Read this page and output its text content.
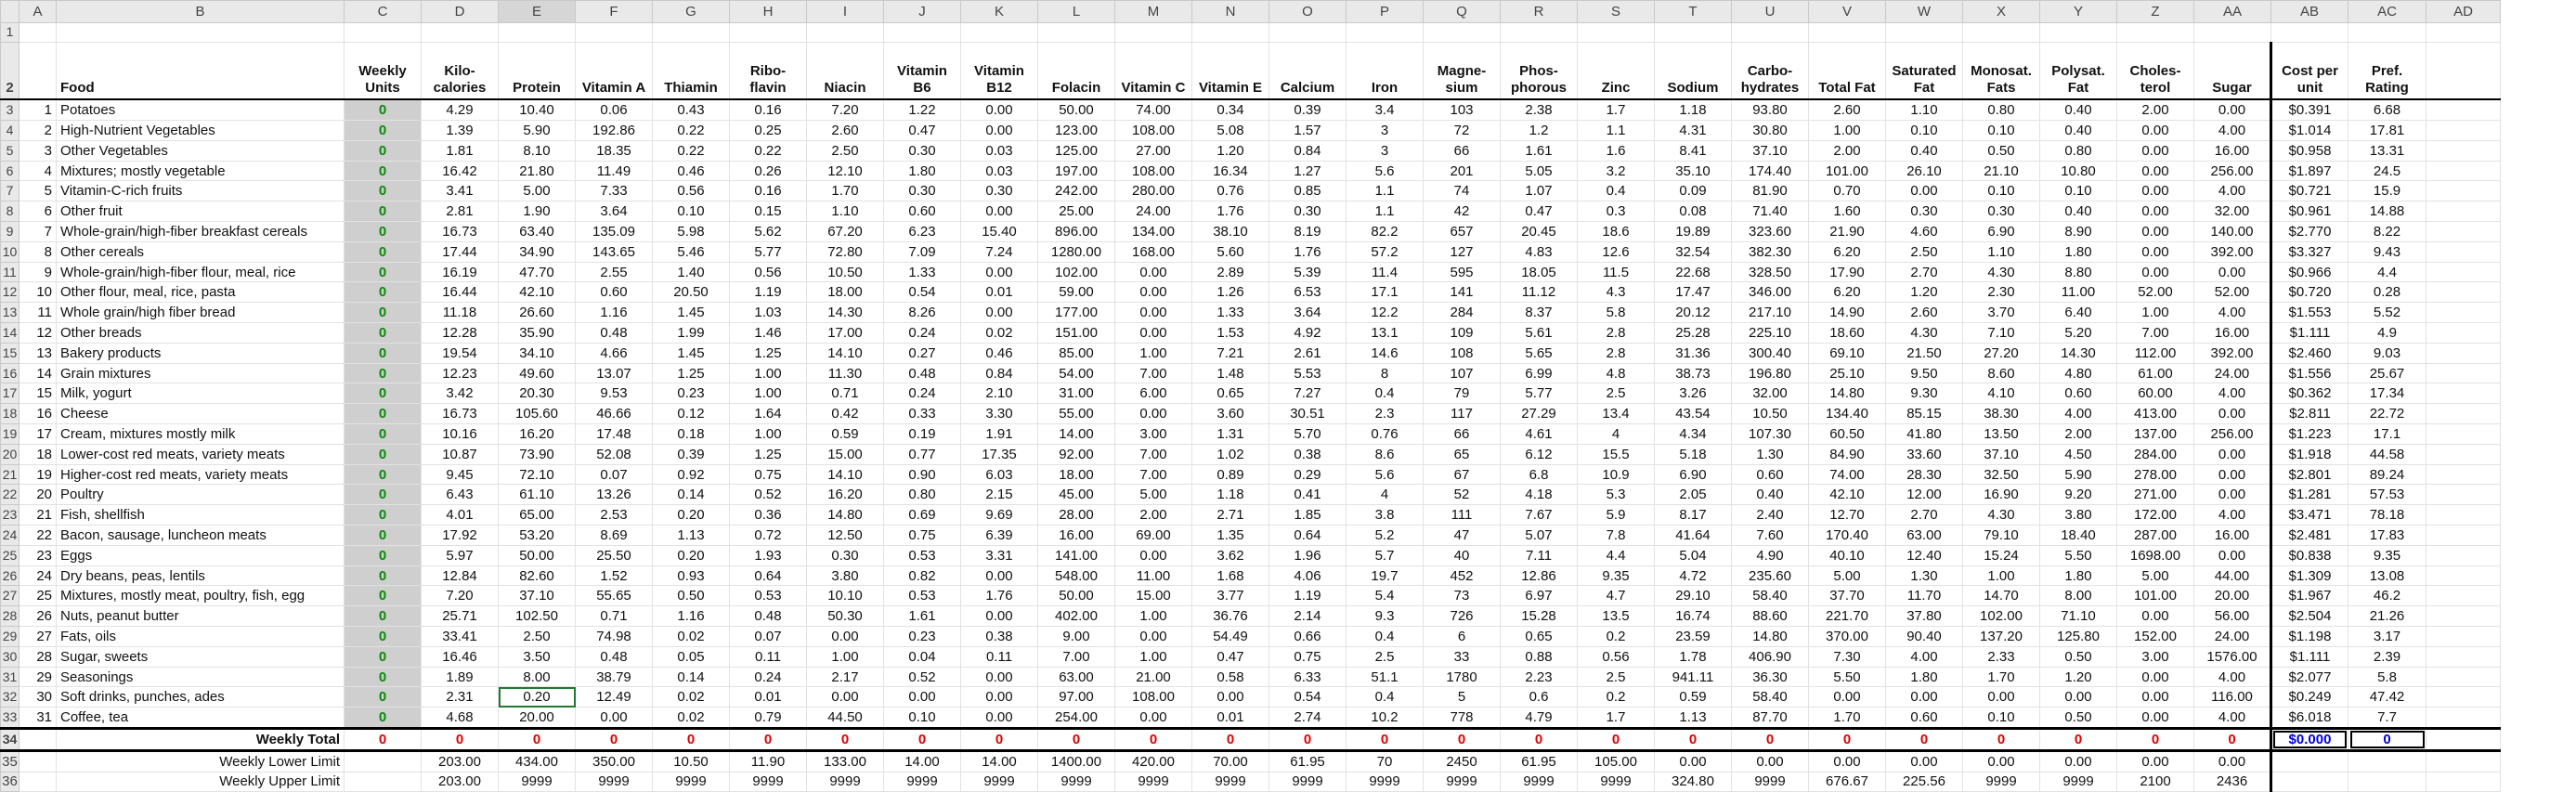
	A	B	C	D	E	F	G	H	I	J	K	L	M	N	O	P	Q	R	S	T	U	V	W	X	Y	Z	AA	AB	AC	AD
1																														
2		Food	Weekly Units	Kilo-calories	Protein	Vitamin A	Thiamin	Ribo-flavin	Niacin	Vitamin B6	Vitamin B12	Folacin	Vitamin C	Vitamin E	Calcium	Iron	Magne-sium	Phos-phorous	Zinc	Sodium	Carbo-hydrates	Total Fat	Saturated Fat	Monosat. Fats	Polysat. Fat	Choles-terol	Sugar	Cost per unit	Pref. Rating	
3	1	Potatoes	0	4.29	10.40	0.06	0.43	0.16	7.20	1.22	0.00	50.00	74.00	0.34	0.39	3.4	103	2.38	1.7	1.18	93.80	2.60	1.10	0.80	0.40	2.00	0.00	$0.391	6.68	
4	2	High-Nutrient Vegetables	0	1.39	5.90	192.86	0.22	0.25	2.60	0.47	0.00	123.00	108.00	5.08	1.57	3	72	1.2	1.1	4.31	30.80	1.00	0.10	0.10	0.40	0.00	4.00	$1.014	17.81	
5	3	Other Vegetables	0	1.81	8.10	18.35	0.22	0.22	2.50	0.30	0.03	125.00	27.00	1.20	0.84	3	66	1.61	1.6	8.41	37.10	2.00	0.40	0.50	0.80	0.00	16.00	$0.958	13.31	
6	4	Mixtures; mostly vegetable	0	16.42	21.80	11.49	0.46	0.26	12.10	1.80	0.03	197.00	108.00	16.34	1.27	5.6	201	5.05	3.2	35.10	174.40	101.00	26.10	21.10	10.80	0.00	256.00	$1.897	24.5	
7	5	Vitamin-C-rich fruits	0	3.41	5.00	7.33	0.56	0.16	1.70	0.30	0.30	242.00	280.00	0.76	0.85	1.1	74	1.07	0.4	0.09	81.90	0.70	0.00	0.10	0.10	0.00	4.00	$0.721	15.9	
8	6	Other fruit	0	2.81	1.90	3.64	0.10	0.15	1.10	0.60	0.00	25.00	24.00	1.76	0.30	1.1	42	0.47	0.3	0.08	71.40	1.60	0.30	0.30	0.40	0.00	32.00	$0.961	14.88	
9	7	Whole-grain/high-fiber breakfast cereals	0	16.73	63.40	135.09	5.98	5.62	67.20	6.23	15.40	896.00	134.00	38.10	8.19	82.2	657	20.45	18.6	19.89	323.60	21.90	4.60	6.90	8.90	0.00	140.00	$2.770	8.22	
10	8	Other cereals	0	17.44	34.90	143.65	5.46	5.77	72.80	7.09	7.24	1280.00	168.00	5.60	1.76	57.2	127	4.83	12.6	32.54	382.30	6.20	2.50	1.10	1.80	0.00	392.00	$3.327	9.43	
11	9	Whole-grain/high-fiber flour, meal, rice	0	16.19	47.70	2.55	1.40	0.56	10.50	1.33	0.00	102.00	0.00	2.89	5.39	11.4	595	18.05	11.5	22.68	328.50	17.90	2.70	4.30	8.80	0.00	0.00	$0.966	4.4	
12	10	Other flour, meal, rice, pasta	0	16.44	42.10	0.60	20.50	1.19	18.00	0.54	0.01	59.00	0.00	1.26	6.53	17.1	141	11.12	4.3	17.47	346.00	6.20	1.20	2.30	11.00	52.00	52.00	$0.720	0.28	
13	11	Whole grain/high fiber bread	0	11.18	26.60	1.16	1.45	1.03	14.30	8.26	0.00	177.00	0.00	1.33	3.64	12.2	284	8.37	5.8	20.12	217.10	14.90	2.60	3.70	6.40	1.00	4.00	$1.553	5.52	
14	12	Other breads	0	12.28	35.90	0.48	1.99	1.46	17.00	0.24	0.02	151.00	0.00	1.53	4.92	13.1	109	5.61	2.8	25.28	225.10	18.60	4.30	7.10	5.20	7.00	16.00	$1.111	4.9	
15	13	Bakery products	0	19.54	34.10	4.66	1.45	1.25	14.10	0.27	0.46	85.00	1.00	7.21	2.61	14.6	108	5.65	2.8	31.36	300.40	69.10	21.50	27.20	14.30	112.00	392.00	$2.460	9.03	
16	14	Grain mixtures	0	12.23	49.60	13.07	1.25	1.00	11.30	0.48	0.84	54.00	7.00	1.48	5.53	8	107	6.99	4.8	38.73	196.80	25.10	9.50	8.60	4.80	61.00	24.00	$1.556	25.67	
17	15	Milk, yogurt	0	3.42	20.30	9.53	0.23	1.00	0.71	0.24	2.10	31.00	6.00	0.65	7.27	0.4	79	5.77	2.5	3.26	32.00	14.80	9.30	4.10	0.60	60.00	4.00	$0.362	17.34	
18	16	Cheese	0	16.73	105.60	46.66	0.12	1.64	0.42	0.33	3.30	55.00	0.00	3.60	30.51	2.3	117	27.29	13.4	43.54	10.50	134.40	85.15	38.30	4.00	413.00	0.00	$2.811	22.72	
19	17	Cream, mixtures mostly milk	0	10.16	16.20	17.48	0.18	1.00	0.59	0.19	1.91	14.00	3.00	1.31	5.70	0.76	66	4.61	4	4.34	107.30	60.50	41.80	13.50	2.00	137.00	256.00	$1.223	17.1	
20	18	Lower-cost red meats, variety meats	0	10.87	73.90	52.08	0.39	1.25	15.00	0.77	17.35	92.00	7.00	1.02	0.38	8.6	65	6.12	15.5	5.18	1.30	84.90	33.60	37.10	4.50	284.00	0.00	$1.918	44.58	
21	19	Higher-cost red meats, variety meats	0	9.45	72.10	0.07	0.92	0.75	14.10	0.90	6.03	18.00	7.00	0.89	0.29	5.6	67	6.8	10.9	6.90	0.60	74.00	28.30	32.50	5.90	278.00	0.00	$2.801	89.24	
22	20	Poultry	0	6.43	61.10	13.26	0.14	0.52	16.20	0.80	2.15	45.00	5.00	1.18	0.41	4	52	4.18	5.3	2.05	0.40	42.10	12.00	16.90	9.20	271.00	0.00	$1.281	57.53	
23	21	Fish, shellfish	0	4.01	65.00	2.53	0.20	0.36	14.80	0.69	9.69	28.00	2.00	2.71	1.85	3.8	111	7.67	5.9	8.17	2.40	12.70	2.70	4.30	3.80	172.00	4.00	$3.471	78.18	
24	22	Bacon, sausage, luncheon meats	0	17.92	53.20	8.69	1.13	0.72	12.50	0.75	6.39	16.00	69.00	1.35	0.64	5.2	47	5.07	7.8	41.64	7.60	170.40	63.00	79.10	18.40	287.00	16.00	$2.481	17.83	
25	23	Eggs	0	5.97	50.00	25.50	0.20	1.93	0.30	0.53	3.31	141.00	0.00	3.62	1.96	5.7	40	7.11	4.4	5.04	4.90	40.10	12.40	15.24	5.50	1698.00	0.00	$0.838	9.35	
26	24	Dry beans, peas, lentils	0	12.84	82.60	1.52	0.93	0.64	3.80	0.82	0.00	548.00	11.00	1.68	4.06	19.7	452	12.86	9.35	4.72	235.60	5.00	1.30	1.00	1.80	5.00	44.00	$1.309	13.08	
27	25	Mixtures, mostly meat, poultry, fish, egg	0	7.20	37.10	55.65	0.50	0.53	10.10	0.53	1.76	50.00	15.00	3.77	1.19	5.4	73	6.97	4.7	29.10	58.40	37.70	11.70	14.70	8.00	101.00	20.00	$1.967	46.2	
28	26	Nuts, peanut butter	0	25.71	102.50	0.71	1.16	0.48	50.30	1.61	0.00	402.00	1.00	36.76	2.14	9.3	726	15.28	13.5	16.74	88.60	221.70	37.80	102.00	71.10	0.00	56.00	$2.504	21.26	
29	27	Fats, oils	0	33.41	2.50	74.98	0.02	0.07	0.00	0.23	0.38	9.00	0.00	54.49	0.66	0.4	6	0.65	0.2	23.59	14.80	370.00	90.40	137.20	125.80	152.00	24.00	$1.198	3.17	
30	28	Sugar, sweets	0	16.46	3.50	0.48	0.05	0.11	1.00	0.04	0.11	7.00	1.00	0.47	0.75	2.5	33	0.88	0.56	1.78	406.90	7.30	4.00	2.33	0.50	3.00	1576.00	$1.111	2.39	
31	29	Seasonings	0	1.89	8.00	38.79	0.14	0.24	2.17	0.52	0.00	63.00	21.00	0.58	6.33	51.1	1780	2.23	2.5	941.11	36.30	5.50	1.80	1.70	1.20	0.00	4.00	$2.077	5.8	
32	30	Soft drinks, punches, ades	0	2.31	0.20	12.49	0.02	0.01	0.00	0.00	0.00	97.00	108.00	0.00	0.54	0.4	5	0.6	0.2	0.59	58.40	0.00	0.00	0.00	0.00	0.00	116.00	$0.249	47.42	
33	31	Coffee, tea	0	4.68	20.00	0.00	0.02	0.79	44.50	0.10	0.00	254.00	0.00	0.01	2.74	10.2	778	4.79	1.7	1.13	87.70	1.70	0.60	0.10	0.50	0.00	4.00	$6.018	7.7	
34		Weekly Total	0	0	0	0	0	0	0	0	0	0	0	0	0	0	0	0	0	0	0	0	0	0	0	0	0	$0.000	0	
35		Weekly Lower Limit		203.00	434.00	350.00	10.50	11.90	133.00	14.00	14.00	1400.00	420.00	70.00	61.95	70	2450	61.95	105.00	0.00	0.00	0.00	0.00	0.00	0.00	0.00	0.00			
36		Weekly Upper Limit		203.00	9999	9999	9999	9999	9999	9999	9999	9999	9999	9999	9999	9999	9999	9999	9999	324.80	9999	676.67	225.56	9999	9999	2100	2436			
